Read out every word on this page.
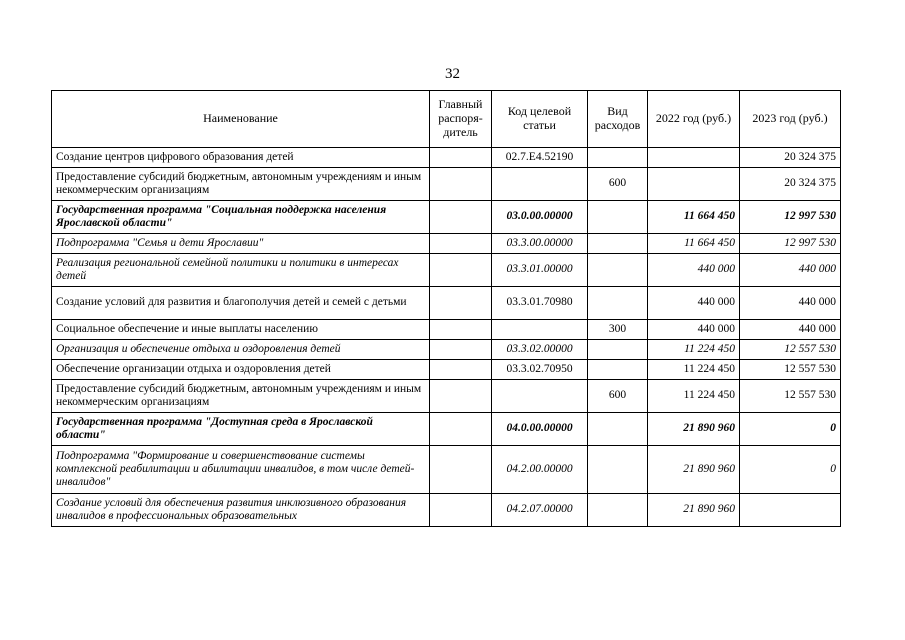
32
Наименование	Главный распоря-дитель	Код целевой статьи	Вид расходов	2022 год (руб.)	2023 год (руб.)
Создание центров цифрового образования детей		02.7.Е4.52190			20 324 375
Предоставление субсидий бюджетным, автономным учреждениям и иным некоммерческим организациям			600		20 324 375
Государственная программа "Социальная поддержка населения Ярославской области"		03.0.00.00000		11 664 450	12 997 530
Подпрограмма "Семья и дети Ярославии"		03.3.00.00000		11 664 450	12 997 530
Реализация региональной семейной политики и политики в интересах детей		03.3.01.00000		440 000	440 000
Создание условий для развития и благополучия детей и семей с детьми		03.3.01.70980		440 000	440 000
Социальное обеспечение и иные выплаты населению			300	440 000	440 000
Организация и обеспечение отдыха и оздоровления детей		03.3.02.00000		11 224 450	12 557 530
Обеспечение организации отдыха и оздоровления детей		03.3.02.70950		11 224 450	12 557 530
Предоставление субсидий бюджетным, автономным учреждениям и иным некоммерческим организациям			600	11 224 450	12 557 530
Государственная программа "Доступная среда в Ярославской области"		04.0.00.00000		21 890 960	0
Подпрограмма "Формирование и совершенствование системы комплексной реабилитации и абилитации инвалидов, в том числе детей-инвалидов"		04.2.00.00000		21 890 960	0
Создание условий для обеспечения развития инклюзивного образования инвалидов в профессиональных образовательных		04.2.07.00000		21 890 960	
